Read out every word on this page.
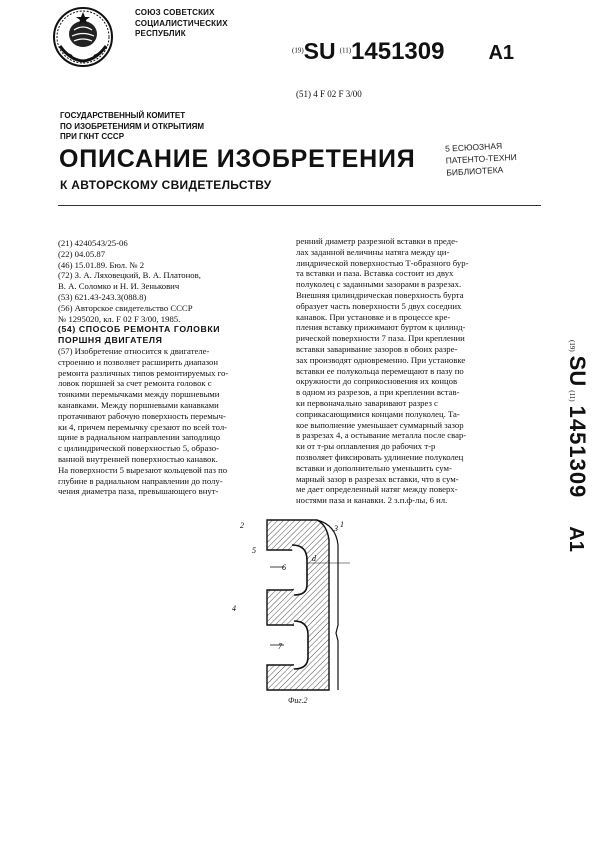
СОЮЗ СОВЕТСКИХ
СОЦИАЛИСТИЧЕСКИХ
РЕСПУБЛИК
$^{(19)}$SU $^{(11)}$1451309 A1
(51) 4 F 02 F 3/00
ГОСУДАРСТВЕННЫЙ КОМИТЕТ
ПО ИЗОБРЕТЕНИЯМ И ОТКРЫТИЯМ
ПРИ ГКНТ СССР
ОПИСАНИЕ ИЗОБРЕТЕНИЯ
К АВТОРСКОМУ СВИДЕТЕЛЬСТВУ
5 ЕСЮОЗНАЯ
ПАТЕНТО-ТЕХНИ
БИБЛИОТЕКА
(21) 4240543/25-06
(22) 04.05.87
(46) 15.01.89. Бюл. № 2
(72) З. А. Ляховецкий, В. А. Платонов,
В. А. Соломко и Н. И. Зенькович
(53) 621.43-243.3(088.8)
(56) Авторское свидетельство СССР
№ 1295020, кл. F 02 F 3/00, 1985.
(54) СПОСОБ РЕМОНТА ГОЛОВКИ
ПОРШНЯ ДВИГАТЕЛЯ
(57) Изобретение относится к двигателе-
строению и позволяет расширить диапазон
ремонта различных типов ремонтируемых го-
ловок поршней за счет ремонта головок с
тонкими перемычками между поршневыми
канавками. Между поршневыми канавками
протачивают рабочую поверхность перемыч-
ки 4, причем перемычку срезают по всей тол-
щине в радиальном направлении заподлицо
с цилиндрической поверхностью 5, образо-
ванной внутренней поверхностью канавок.
На поверхности 5 вырезают кольцевой паз по
глубине в радиальном направлении до полу-
чения диаметра паза, превышающего внут-
ренний диаметр разрезной вставки в преде-
лах заданной величины натяга между ци-
линдрической поверхностью Т-образного бур-
та вставки и паза. Вставка состоит из двух
полуколец с заданными зазорами в разрезах.
Внешняя цилиндрическая поверхность бурта
образует часть поверхности 5 двух соседних
канавок. При установке и в процессе кре-
пления вставку прижимают буртом к цилинд-
рической поверхности 7 паза. При креплении
вставки заваривание зазоров в обоих разре-
зах производят одновременно. При установке
вставки ее полукольца перемещают в пазу по
окружности до соприкосновения их концов
в одном из разрезов, а при креплении встав-
ки первоначально заваривают разрез с
соприкасающимися концами полуколец. Та-
кое выполнение уменьшает суммарный зазор
в разрезах 4, а остывание металла после свар-
ки от т-ры оплавления до рабочих т-р
позволяет фиксировать удлинение полуколец
вставки и дополнительно уменьшить сум-
марный зазор в разрезах вставки, что в сум-
ме дает определенный натяг между поверх-
ностями паза и канавки. 2 з.п.ф-лы, 6 ил.
(19) SU (11) 1451309 A1
2
5
6
4
7
3
d
1
Фиг.2
